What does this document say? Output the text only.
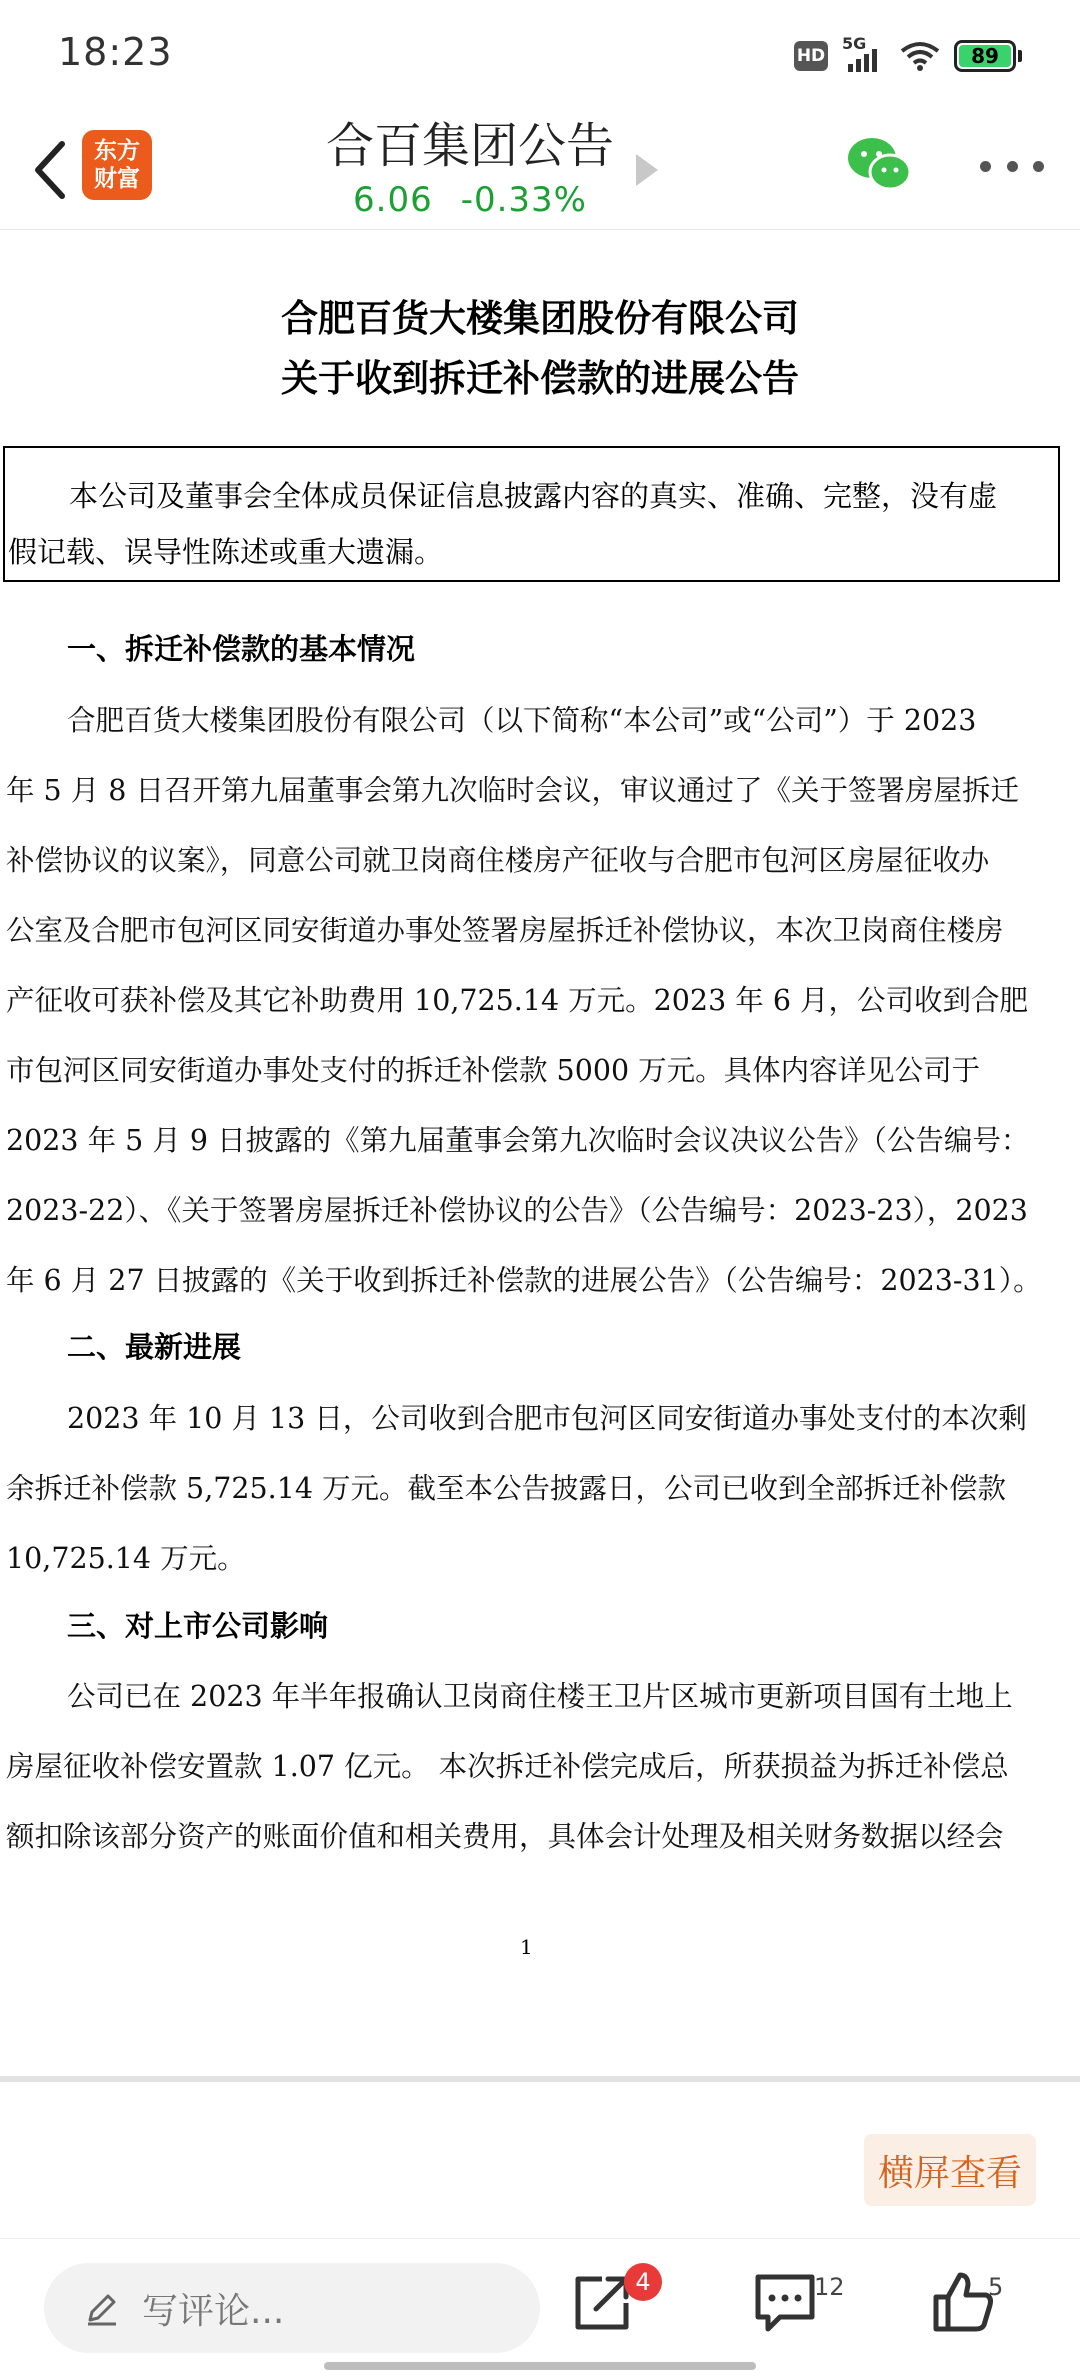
18:23	HD
5G
89
东方
财富
合百集团公告
6.06 -0.33%
合肥百货大楼集团股份有限公司
关于收到拆迁补偿款的进展公告

本公司及董事会全体成员保证信息披露内容的真实、准确、完整，没有虚

假记载、误导性陈述或重大遗漏。

一、拆迁补偿款的基本情况
合肥百货大楼集团股份有限公司（以下简称“本公司”或“公司”）于 2023
年 5 月 8 日召开第九届董事会第九次临时会议，审议通过了《关于签署房屋拆迁
补偿协议的议案》，同意公司就卫岗商住楼房产征收与合肥市包河区房屋征收办
公室及合肥市包河区同安街道办事处签署房屋拆迁补偿协议，本次卫岗商住楼房
产征收可获补偿及其它补助费用 10,725.14 万元。2023 年 6 月，公司收到合肥
市包河区同安街道办事处支付的拆迁补偿款 5000 万元。具体内容详见公司于
2023 年 5 月 9 日披露的《第九届董事会第九次临时会议决议公告》（公告编号：
2023-22）、《关于签署房屋拆迁补偿协议的公告》（公告编号：2023-23），2023
年 6 月 27 日披露的《关于收到拆迁补偿款的进展公告》（公告编号：2023-31）。
二、最新进展
2023 年 10 月 13 日，公司收到合肥市包河区同安街道办事处支付的本次剩
余拆迁补偿款 5,725.14 万元。截至本公告披露日，公司已收到全部拆迁补偿款
10,725.14 万元。
三、对上市公司影响
公司已在 2023 年半年报确认卫岗商住楼王卫片区城市更新项目国有土地上
房屋征收补偿安置款 1.07 亿元。 本次拆迁补偿完成后，所获损益为拆迁补偿总
额扣除该部分资产的账面价值和相关费用，具体会计处理及相关财务数据以经会
1
横屏查看
写评论...
4	12	5
